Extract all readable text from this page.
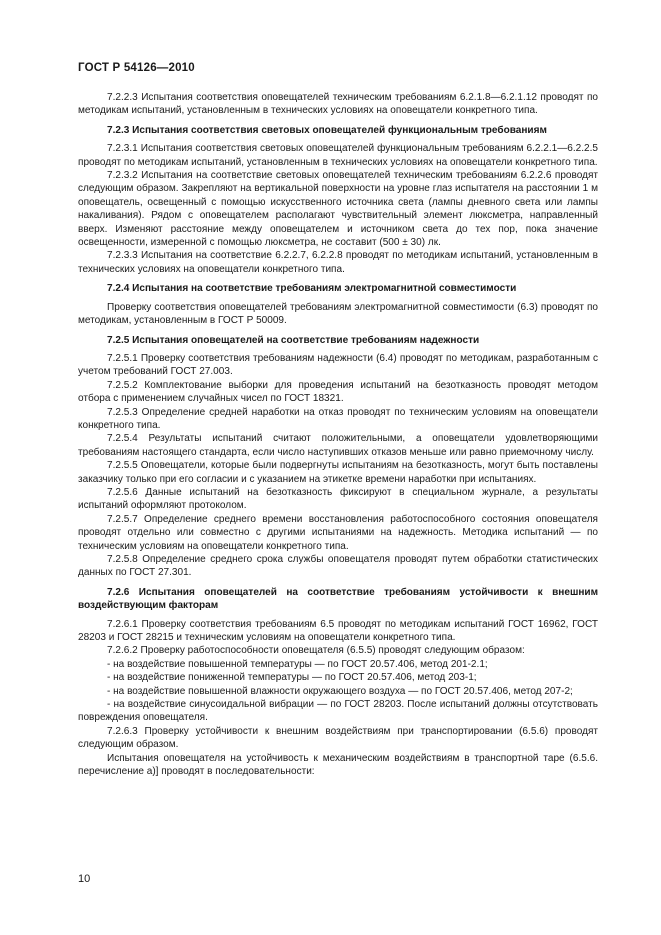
ГОСТ Р 54126—2010

7.2.2.3 Испытания соответствия оповещателей техническим требованиям 6.2.1.8—6.2.1.12 проводят по методикам испытаний, установленным в технических условиях на оповещатели конкретного типа.

7.2.3 Испытания соответствия световых оповещателей функциональным требованиям

7.2.3.1 Испытания соответствия световых оповещателей функциональным требованиям 6.2.2.1—6.2.2.5 проводят по методикам испытаний, установленным в технических условиях на оповещатели конкретного типа.

7.2.3.2 Испытания на соответствие световых оповещателей техническим требованиям 6.2.2.6 проводят следующим образом. Закрепляют на вертикальной поверхности на уровне глаз испытателя на расстоянии 1 м оповещатель, освещенный с помощью искусственного источника света (лампы дневного света или лампы накаливания). Рядом с оповещателем располагают чувствительный элемент люксметра, направленный вверх. Изменяют расстояние между оповещателем и источником света до тех пор, пока значение освещенности, измеренной с помощью люксметра, не составит (500 ± 30) лк.

7.2.3.3 Испытания на соответствие 6.2.2.7, 6.2.2.8 проводят по методикам испытаний, установленным в технических условиях на оповещатели конкретного типа.

7.2.4 Испытания на соответствие требованиям электромагнитной совместимости

Проверку соответствия оповещателей требованиям электромагнитной совместимости (6.3) проводят по методикам, установленным в ГОСТ Р 50009.

7.2.5 Испытания оповещателей на соответствие требованиям надежности

7.2.5.1 Проверку соответствия требованиям надежности (6.4) проводят по методикам, разработанным с учетом требований ГОСТ 27.003.

7.2.5.2 Комплектование выборки для проведения испытаний на безотказность проводят методом отбора с применением случайных чисел по ГОСТ 18321.

7.2.5.3 Определение средней наработки на отказ проводят по техническим условиям на оповещатели конкретного типа.

7.2.5.4 Результаты испытаний считают положительными, а оповещатели удовлетворяющими требованиям настоящего стандарта, если число наступивших отказов меньше или равно приемочному числу.

7.2.5.5 Оповещатели, которые были подвергнуты испытаниям на безотказность, могут быть поставлены заказчику только при его согласии и с указанием на этикетке времени наработки при испытаниях.

7.2.5.6 Данные испытаний на безотказность фиксируют в специальном журнале, а результаты испытаний оформляют протоколом.

7.2.5.7 Определение среднего времени восстановления работоспособного состояния оповещателя проводят отдельно или совместно с другими испытаниями на надежность. Методика испытаний — по техническим условиям на оповещатели конкретного типа.

7.2.5.8 Определение среднего срока службы оповещателя проводят путем обработки статистических данных по ГОСТ 27.301.

7.2.6 Испытания оповещателей на соответствие требованиям устойчивости к внешним воздействующим факторам

7.2.6.1 Проверку соответствия требованиям 6.5 проводят по методикам испытаний ГОСТ 16962, ГОСТ 28203 и ГОСТ 28215 и техническим условиям на оповещатели конкретного типа.

7.2.6.2 Проверку работоспособности оповещателя (6.5.5) проводят следующим образом:

- на воздействие повышенной температуры — по ГОСТ 20.57.406, метод 201-2.1;

- на воздействие пониженной температуры — по ГОСТ 20.57.406, метод 203-1;

- на воздействие повышенной влажности окружающего воздуха — по ГОСТ 20.57.406, метод 207-2;

- на воздействие синусоидальной вибрации — по ГОСТ 28203. После испытаний должны отсутствовать повреждения оповещателя.

7.2.6.3 Проверку устойчивости к внешним воздействиям при транспортировании (6.5.6) проводят следующим образом.

Испытания оповещателя на устойчивость к механическим воздействиям в транспортной таре (6.5.6. перечисление а)] проводят в последовательности:

10
